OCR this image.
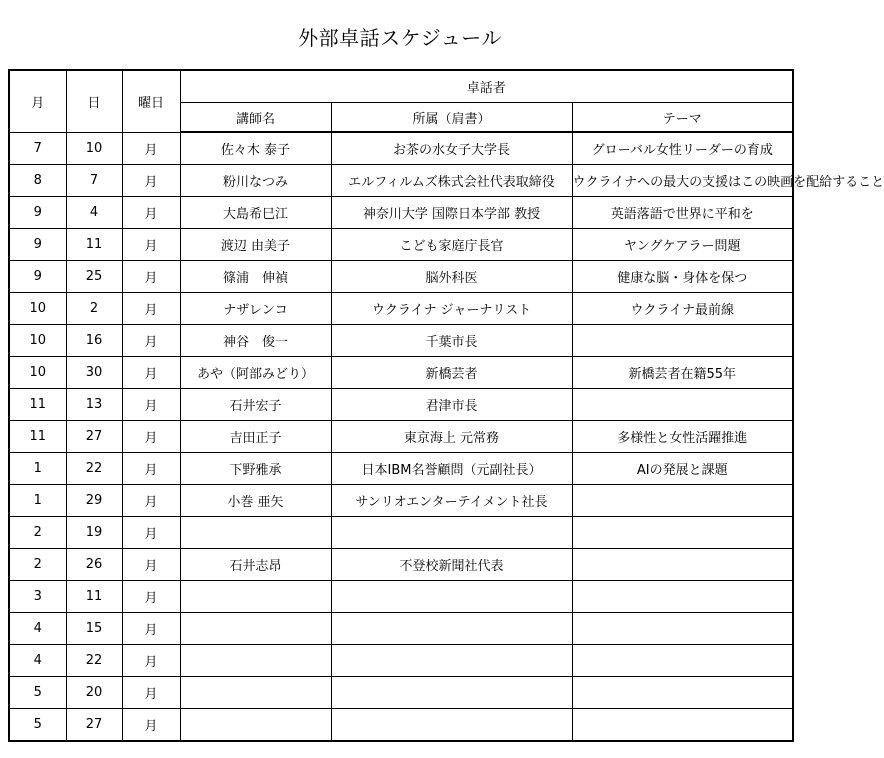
外部卓話スケジュール
月	日	曜日	卓話者		
			講師名	所属（肩書）	テーマ
7	10	月	佐々木 泰子	お茶の水女子大学長	グローバル女性リーダーの育成
8	7	月	粉川なつみ	エルフィルムズ株式会社代表取締役	ウクライナへの最大の支援はこの映画を配給すること
9	4	月	大島希巳江	神奈川大学 国際日本学部 教授	英語落語で世界に平和を
9	11	月	渡辺 由美子	こども家庭庁長官	ヤングケアラー問題
9	25	月	篠浦　伸禎	脳外科医	健康な脳・身体を保つ
10	2	月	ナザレンコ	ウクライナ ジャーナリスト	ウクライナ最前線
10	16	月	神谷　俊一	千葉市長	
10	30	月	あや（阿部みどり）	新橋芸者	新橋芸者在籍55年
11	13	月	石井宏子	君津市長	
11	27	月	吉田正子	東京海上 元常務	多様性と女性活躍推進
1	22	月	下野雅承	日本IBM名誉顧問（元副社長）	AIの発展と課題
1	29	月	小巻 亜矢	サンリオエンターテイメント社長	
2	19	月			
2	26	月	石井志昂	不登校新聞社代表	
3	11	月			
4	15	月			
4	22	月			
5	20	月			
5	27	月			
